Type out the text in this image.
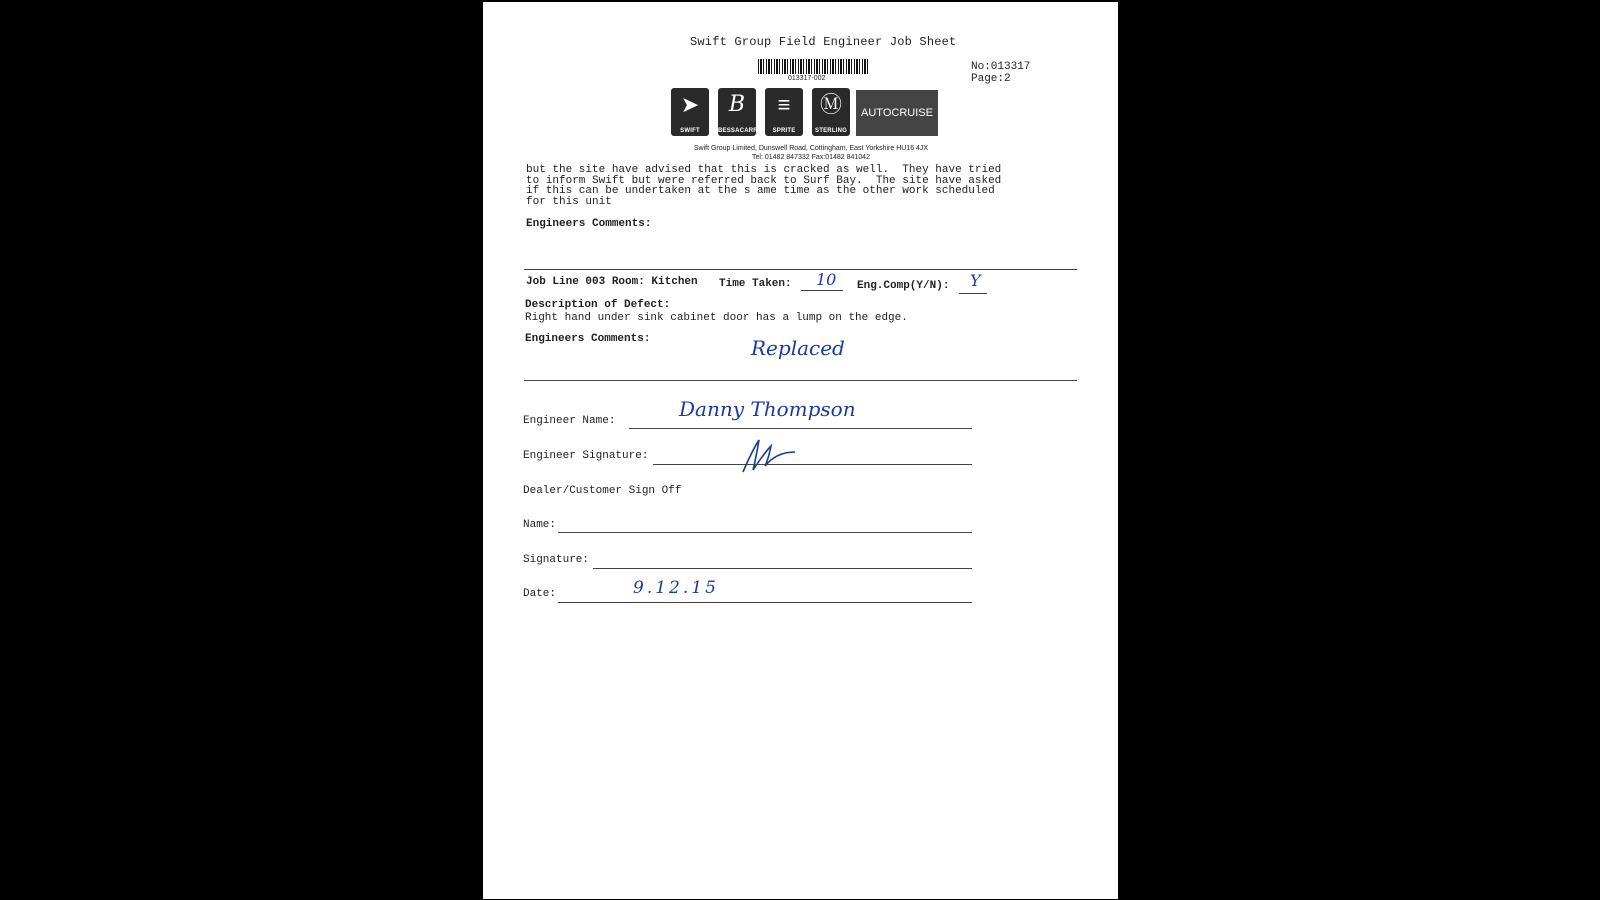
Swift Group Field Engineer Job Sheet
013317-002
No:013317
Page:2
➤
SWIFT
B
BESSACARR
≡
SPRITE
Ⓜ
STERLING
AUTOCRUISE
Swift Group Limited, Dunswell Road, Cottingham, East Yorkshire HU16 4JX
Tel: 01482 847332 Fax:01482 841042
but the site have advised that this is cracked as well.  They have tried
to inform Swift but were referred back to Surf Bay.  The site have asked
if this can be undertaken at the s ame time as the other work scheduled
for this unit
Engineers Comments:
Job Line 003 Room: Kitchen Time Taken: 10 Eng.Comp(Y/N): Y
Description of Defect:
Right hand under sink cabinet door has a lump on the edge.
Engineers Comments:	Replaced
Engineer Name:	Danny Thompson
Engineer Signature:
Dealer/Customer Sign Off
Name:
Signature:
Date:	9.12.15
